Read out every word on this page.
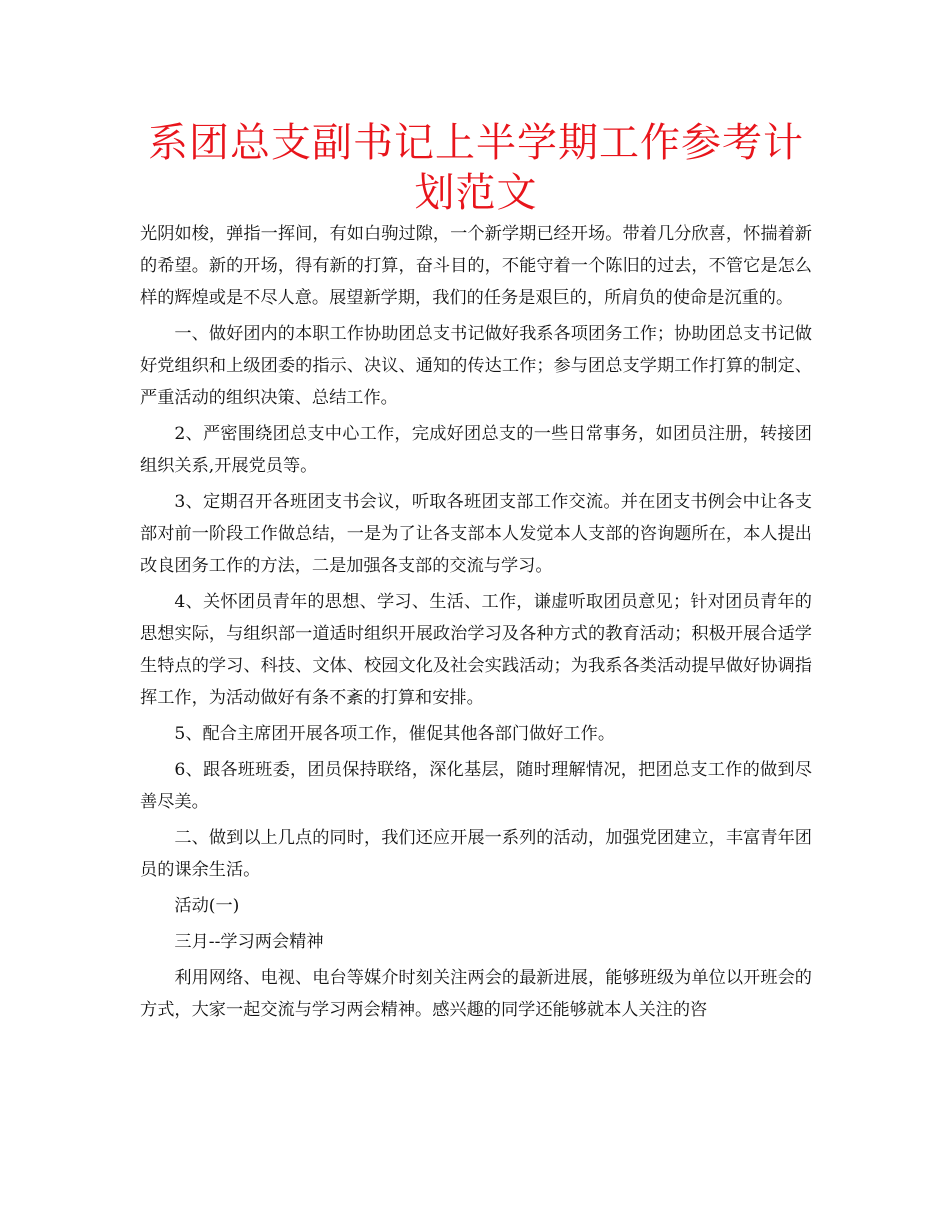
系团总支副书记上半学期工作参考计划范文

光阴如梭，弹指一挥间，有如白驹过隙，一个新学期已经开场。带着几分欣喜，怀揣着新的希望。新的开场，得有新的打算，奋斗目的，不能守着一个陈旧的过去，不管它是怎么样的辉煌或是不尽人意。展望新学期，我们的任务是艰巨的，所肩负的使命是沉重的。

一、做好团内的本职工作协助团总支书记做好我系各项团务工作；协助团总支书记做好党组织和上级团委的指示、决议、通知的传达工作；参与团总支学期工作打算的制定、严重活动的组织决策、总结工作。

2、严密围绕团总支中心工作，完成好团总支的一些日常事务，如团员注册，转接团组织关系,开展党员等。

3、定期召开各班团支书会议，听取各班团支部工作交流。并在团支书例会中让各支部对前一阶段工作做总结，一是为了让各支部本人发觉本人支部的咨询题所在，本人提出改良团务工作的方法，二是加强各支部的交流与学习。

4、关怀团员青年的思想、学习、生活、工作，谦虚听取团员意见；针对团员青年的思想实际，与组织部一道适时组织开展政治学习及各种方式的教育活动；积极开展合适学生特点的学习、科技、文体、校园文化及社会实践活动；为我系各类活动提早做好协调指挥工作，为活动做好有条不紊的打算和安排。

5、配合主席团开展各项工作，催促其他各部门做好工作。

6、跟各班班委，团员保持联络，深化基层，随时理解情况，把团总支工作的做到尽善尽美。

二、做到以上几点的同时，我们还应开展一系列的活动，加强党团建立，丰富青年团员的课余生活。

活动(一)

三月--学习两会精神

利用网络、电视、电台等媒介时刻关注两会的最新进展，能够班级为单位以开班会的方式，大家一起交流与学习两会精神。感兴趣的同学还能够就本人关注的咨
